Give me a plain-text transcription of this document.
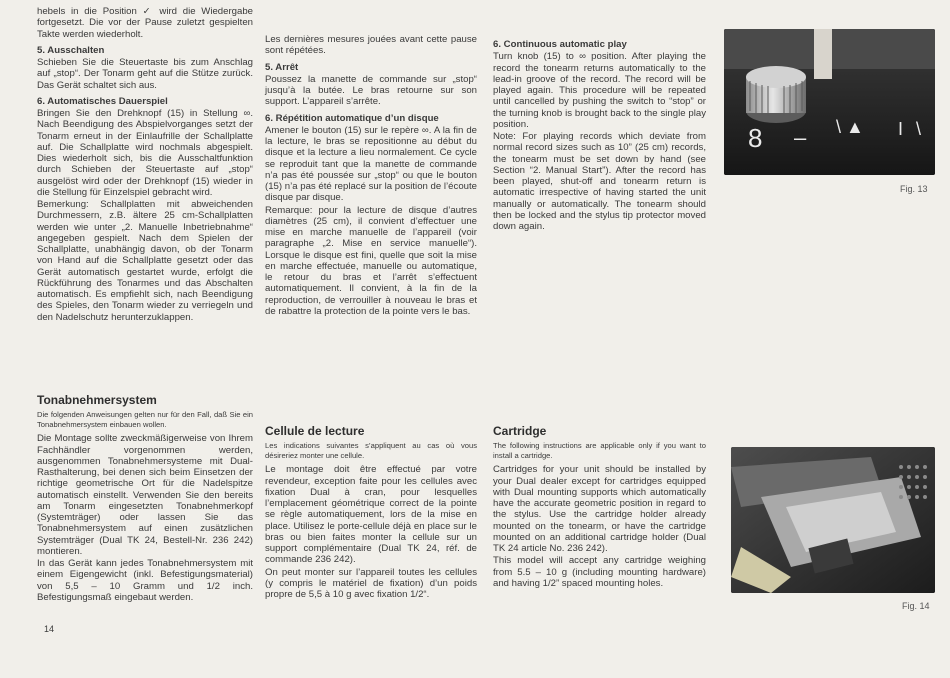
hebels in die Position ✓ wird die Wiedergabe fortgesetzt. Die vor der Pause zuletzt gespielten Takte werden wiederholt.

5. Ausschalten

Schieben Sie die Steuertaste bis zum Anschlag auf „stop“. Der Tonarm geht auf die Stütze zurück. Das Gerät schaltet sich aus.

6. Automatisches Dauerspiel

Bringen Sie den Drehknopf (15) in Stellung ∞. Nach Beendigung des Abspielvorganges setzt der Tonarm erneut in der Einlaufrille der Schallplatte auf. Die Schallplatte wird nochmals abgespielt. Dies wiederholt sich, bis die Ausschaltfunktion durch Schieben der Steuertaste auf „stop“ ausgelöst wird oder der Drehknopf (15) wieder in die Stellung für Einzelspiel gebracht wird.

Bemerkung: Schallplatten mit abweichenden Durchmessern, z.B. ältere 25 cm-Schallplatten werden wie unter „2. Manuelle Inbetriebnahme“ angegeben gespielt. Nach dem Spielen der Schallplatte, unabhängig davon, ob der Tonarm von Hand auf die Schallplatte gesetzt oder das Gerät automatisch gestartet wurde, erfolgt die Rückführung des Tonarmes und das Abschalten automatisch. Es empfiehlt sich, nach Beendigung des Spieles, den Tonarm wieder zu verriegeln und den Nadelschutz herunterzuklappen.

Tonabnehmersystem

Die folgenden Anweisungen gelten nur für den Fall, daß Sie ein Tonabnehmersystem einbauen wollen.

Die Montage sollte zweckmäßigerweise von Ihrem Fachhändler vorgenommen werden, ausgenommen Tonabnehmersysteme mit Dual-Rasthalterung, bei denen sich beim Einsetzen der richtige geometrische Ort für die Nadelspitze automatisch einstellt. Verwenden Sie den bereits am Tonarm eingesetzten Tonabnehmerkopf (Systemträger) oder lassen Sie das Tonabnehmersystem auf einen zusätzlichen Systemträger (Dual TK 24, Bestell-Nr. 236 242) montieren.

In das Gerät kann jedes Tonabnehmersystem mit einem Eigengewicht (inkl. Befestigungsmaterial) von 5,5 – 10 Gramm und 1/2 inch. Befestigungsmaß eingebaut werden.

Les dernières mesures jouées avant cette pause sont répétées.

5. Arrêt

Poussez la manette de commande sur „stop“ jusqu’à la butée. Le bras retourne sur son support. L’appareil s’arrête.

6. Répétition automatique d’un disque

Amener le bouton (15) sur le repère ∞. A la fin de la lecture, le bras se repositionne au début du disque et la lecture a lieu normalement. Ce cycle se reproduit tant que la manette de commande n’a pas été poussée sur „stop“ ou que le bouton (15) n’a pas été replacé sur la position de l’écoute disque par disque.

Remarque: pour la lecture de disque d’autres diamètres (25 cm), il convient d’effectuer une mise en marche manuelle de l’appareil (voir paragraphe „2. Mise en service manuelle“). Lorsque le disque est fini, quelle que soit la mise en marche effectuée, manuelle ou automatique, le retour du bras et l’arrêt s’effectuent automatiquement. Il convient, à la fin de la reproduction, de verrouiller à nouveau le bras et de rabattre la protection de la pointe vers le bas.

Cellule de lecture

Les indications suivantes s’appliquent au cas où vous désireriez monter une cellule.

Le montage doit être effectué par votre revendeur, exception faite pour les cellules avec fixation Dual à cran, pour lesquelles l’emplacement géométrique correct de la pointe se règle automatiquement, lors de la mise en place. Utilisez le porte-cellule déjà en place sur le bras ou bien faites monter la cellule sur un support complémentaire (Dual TK 24, réf. de commande 236 242).

On peut monter sur l’appareil toutes les cellules (y compris le matériel de fixation) d’un poids propre de 5,5 à 10 g avec fixation 1/2“.

6. Continuous automatic play

Turn knob (15) to ∞ position. After playing the record the tonearm returns automatically to the lead-in groove of the record. The record will be played again. This procedure will be repeated until cancelled by pushing the switch to “stop” or the turning knob is brought back to the single play position.

Note: For playing records which deviate from normal record sizes such as 10” (25 cm) records, the tonearm must be set down by hand (see Section “2. Manual Start”). After the record has been played, shut-off and tonearm return is automatic irrespective of having started the unit manually or automatically. The tonearm should then be locked and the stylus tip protector moved down again.

Cartridge

The following instructions are applicable only if you want to install a cartridge.

Cartridges for your unit should be installed by your Dual dealer except for cartridges equipped with Dual mounting supports which automatically have the accurate geometric position in regard to the stylus. Use the cartridge holder already mounted on the tonearm, or have the cartridge mounted on an additional cartridge holder (Dual TK 24 article No. 236 242).

This model will accept any cartridge weighing from 5.5 – 10 g (including mounting hardware) and having 1/2” spaced mounting holes.

8 – \ ▲ I \
Fig. 13
Fig. 14
14
